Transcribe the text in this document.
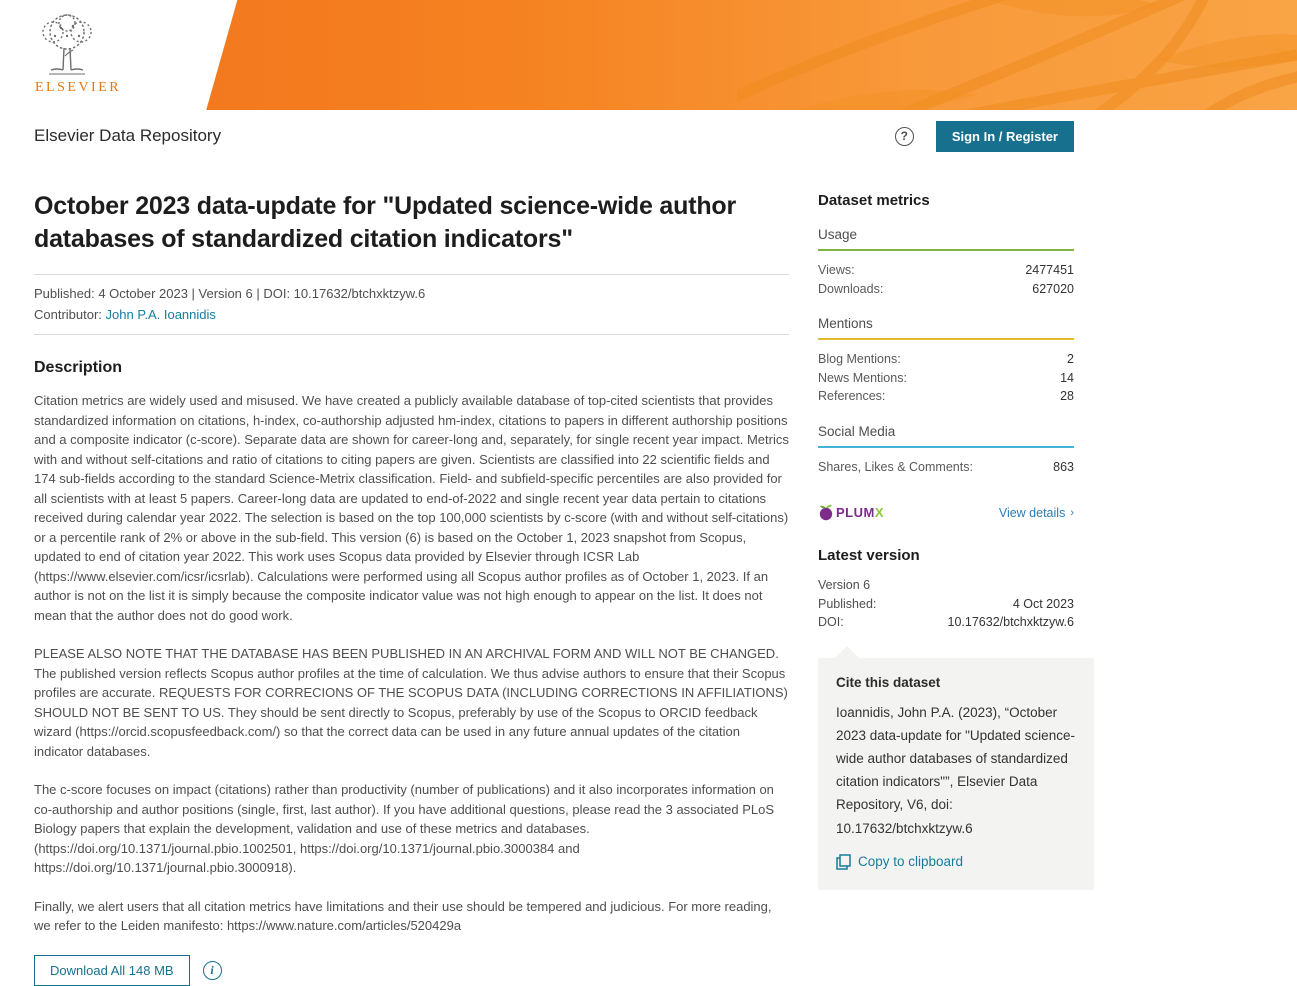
ELSEVIER
Elsevier Data Repository	?	Sign In / Register
October 2023 data-update for "Updated science-wide author databases of standardized citation indicators"
Published: 4 October 2023 | Version 6 | DOI: 10.17632/btchxktzyw.6
Contributor: John P.A. Ioannidis
Description

Citation metrics are widely used and misused. We have created a publicly available database of top-cited scientists that provides standardized information on citations, h-index, co-authorship adjusted hm-index, citations to papers in different authorship positions and a composite indicator (c-score). Separate data are shown for career-long and, separately, for single recent year impact. Metrics with and without self-citations and ratio of citations to citing papers are given. Scientists are classified into 22 scientific fields and 174 sub-fields according to the standard Science-Metrix classification. Field- and subfield-specific percentiles are also provided for all scientists with at least 5 papers. Career-long data are updated to end-of-2022 and single recent year data pertain to citations received during calendar year 2022. The selection is based on the top 100,000 scientists by c-score (with and without self-citations) or a percentile rank of 2% or above in the sub-field. This version (6) is based on the October 1, 2023 snapshot from Scopus, updated to end of citation year 2022. This work uses Scopus data provided by Elsevier through ICSR Lab (https://www.elsevier.com/icsr/icsrlab). Calculations were performed using all Scopus author profiles as of October 1, 2023. If an author is not on the list it is simply because the composite indicator value was not high enough to appear on the list. It does not mean that the author does not do good work.

PLEASE ALSO NOTE THAT THE DATABASE HAS BEEN PUBLISHED IN AN ARCHIVAL FORM AND WILL NOT BE CHANGED. The published version reflects Scopus author profiles at the time of calculation. We thus advise authors to ensure that their Scopus profiles are accurate. REQUESTS FOR CORRECIONS OF THE SCOPUS DATA (INCLUDING CORRECTIONS IN AFFILIATIONS) SHOULD NOT BE SENT TO US. They should be sent directly to Scopus, preferably by use of the Scopus to ORCID feedback wizard (https://orcid.scopusfeedback.com/) so that the correct data can be used in any future annual updates of the citation indicator databases.

The c-score focuses on impact (citations) rather than productivity (number of publications) and it also incorporates information on co-authorship and author positions (single, first, last author). If you have additional questions, please read the 3 associated PLoS Biology papers that explain the development, validation and use of these metrics and databases. (https://doi.org/10.1371/journal.pbio.1002501, https://doi.org/10.1371/journal.pbio.3000384 and https://doi.org/10.1371/journal.pbio.3000918).

Finally, we alert users that all citation metrics have limitations and their use should be tempered and judicious. For more reading, we refer to the Leiden manifesto: https://www.nature.com/articles/520429a

Download All 148 MB	i
Dataset metrics
Usage
Views:	2477451
Downloads:	627020
Mentions
Blog Mentions:	2
News Mentions:	14
References:	28
Social Media
Shares, Likes & Comments:	863
PLUMX	View details ›
Latest version
Version 6
Published:	4 Oct 2023
DOI:	10.17632/btchxktzyw.6
Cite this dataset
Ioannidis, John P.A. (2023), “October 2023 data-update for "Updated science-wide author databases of standardized citation indicators"”, Elsevier Data Repository, V6, doi: 10.17632/btchxktzyw.6
Copy to clipboard
